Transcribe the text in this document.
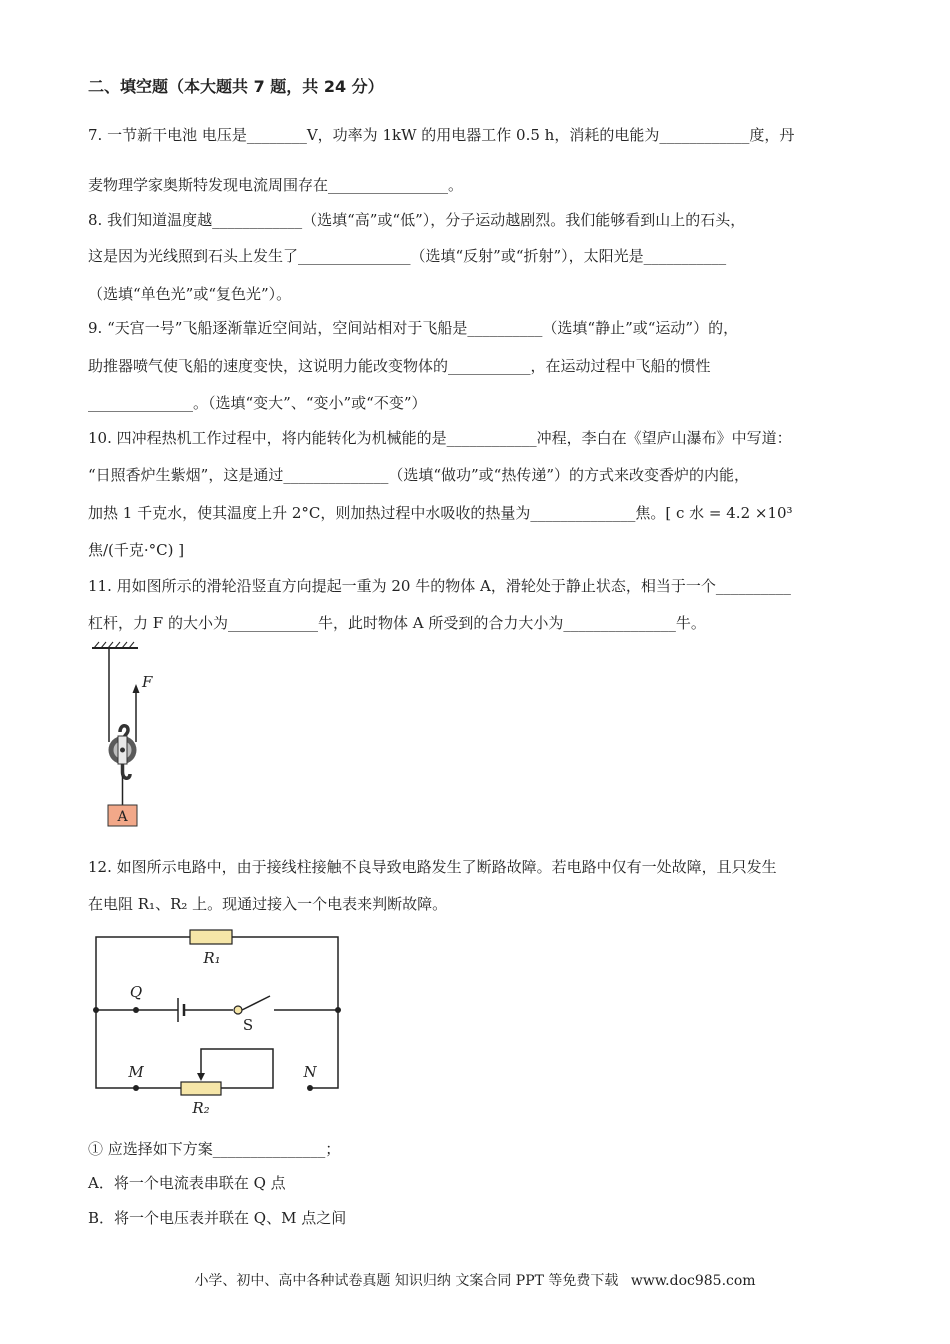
二、填空题（本大题共 7 题，共 24 分）
7. 一节新干电池 电压是________V，功率为 1kW 的用电器工作 0.5 h，消耗的电能为____________度，丹
麦物理学家奥斯特发现电流周围存在________________。
8. 我们知道温度越____________（选填“高”或“低”），分子运动越剧烈。我们能够看到山上的石头，
这是因为光线照到石头上发生了_______________（选填“反射”或“折射”），太阳光是___________
（选填“单色光”或“复色光”）。
9. “天宫一号”飞船逐渐靠近空间站，空间站相对于飞船是__________（选填“静止”或“运动”）的，
助推器喷气使飞船的速度变快，这说明力能改变物体的___________，在运动过程中飞船的惯性
______________。（选填“变大”、“变小”或“不变”）
10. 四冲程热机工作过程中，将内能转化为机械能的是____________冲程，李白在《望庐山瀑布》中写道：
“日照香炉生紫烟”，这是通过______________（选填“做功”或“热传递”）的方式来改变香炉的内能，
加热 1 千克水，使其温度上升 2°C，则加热过程中水吸收的热量为______________焦。[ c 水 = 4.2 ×10³
焦/(千克·°C) ]
11. 用如图所示的滑轮沿竖直方向提起一重为 20 牛的物体 A，滑轮处于静止状态，相当于一个__________
杠杆，力 F 的大小为____________牛，此时物体 A 所受到的合力大小为_______________牛。
F
A
12. 如图所示电路中，由于接线柱接触不良导致电路发生了断路故障。若电路中仅有一处故障，且只发生
在电阻 R₁、R₂ 上。现通过接入一个电表来判断故障。
R₁
S
Q
M	N
R₂
① 应选择如下方案_______________；
A．将一个电流表串联在 Q 点
B．将一个电压表并联在 Q、M 点之间
小学、初中、高中各种试卷真题 知识归纳 文案合同 PPT 等免费下载 www.doc985.com
